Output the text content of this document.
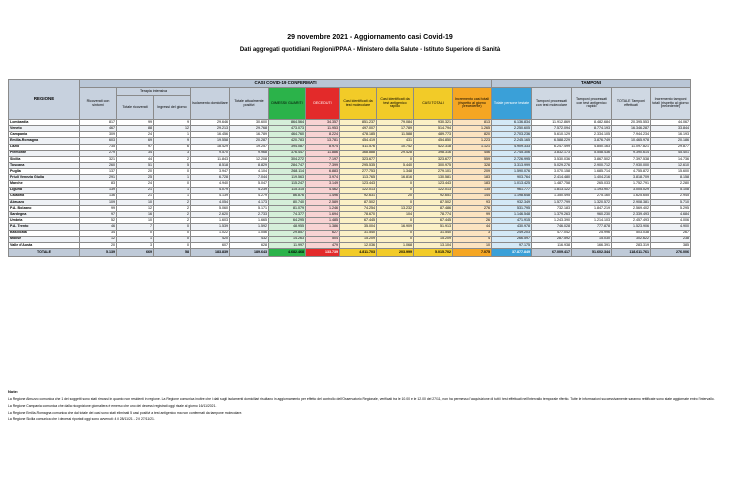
29 novembre 2021 - Aggiornamento casi Covid-19
Dati aggregati quotidiani Regioni/PPAA - Ministero della Salute - Istituto Superiore di Sanità
REGIONE	CASI COVID-19 CONFERMATI											TAMPONI				
	Ricoverati con sintomi	Terapia intensiva		Isolamento domiciliare	Totale attualmente positivi	DIMESSI/ GUARITI	DECEDUTI	Casi identificati da test molecolare	Casi identificati da test antigenico rapido	CASI TOTALI	Incremento casi totali (rispetto al giorno precedente)	Totale persone testate	Tamponi processati con test molecolare	Tamponi processati con test antigenico rapido	TOTALE Tamponi effettuati	Incremento tamponi totali (rispetto al giorno precedente)
		Totale ricoverati	Ingressi del giorno													
Lombardia	817	99	9	29.646	30.600	864.564	34.357	851.237	79.084	930.321	813	6.136.834	11.912.869	8.482.684	20.395.553	44.067
Veneto	467	88	12	29.213	29.768	473.073	11.953	497.007	17.789	514.794	1.265	2.250.605	7.572.094	8.774.193	16.346.287	33.844
Campania	309	24	1	16.456	16.789	464.760	8.224	478.185	11.588	489.773	820	2.703.236	5.610.129	2.334.105	7.944.234	16.193
Emilia-Romagna	603	69	9	19.558	20.287	420.783	13.781	454.419	431	454.850	1.223	2.245.165	6.588.229	3.876.749	10.465.978	20.186
Lazio	735	97	6	18.429	19.257	394.087	8.974	411.576	10.742	422.318	1.121	4.909.333	6.247.499	4.850.163	11.097.821	29.877
Piemonte	279	34	3	9.570	9.968	376.447	11.886	368.888	29.428	398.316	456	2.745.306	3.832.173	5.558.436	9.390.614	45.401
Sicilia	321	44	2	11.843	12.208	304.272	7.197	323.677	0	323.677	559	2.726.995	3.530.036	3.867.502	7.397.538	14.736
Toscana	260	51	5	8.518	8.829	284.747	7.399	295.535	5.440	300.975	328	3.313.999	5.029.276	2.900.712	7.930.000	12.610
Puglia	137	20	0	3.947	4.104	268.114	6.883	277.753	1.348	279.101	209	1.590.076	3.070.158	1.685.714	4.755.872	15.600
Friuli Venezia Giulia	291	25	1	6.728	7.044	119.563	3.974	113.765	16.816	130.581	183	903.764	2.414.480	1.404.216	3.818.709	8.158
Marche	83	24	0	4.940	5.047	115.247	3.149	123.443	0	123.443	183	1.013.425	1.487.758	265.033	1.752.791	2.280
Liguria	139	21	1	4.079	4.239	115.315	4.462	122.013	0	122.013	135	961.777	1.813.122	1.193.907	3.005.029	5.108
Calabria	136	21	1	4.139	4.279	86.876	1.496	92.631	20	92.651	144	1.198.648	1.350.495	275.160	1.625.655	2.945
Abruzzo	109	10	2	4.054	4.173	80.740	2.589	87.502	0	87.502	93	932.349	1.577.799	1.320.572	2.908.381	5.710
P.A. Bolzano	99	12	2	5.060	5.171	81.079	1.246	74.254	13.232	87.486	276	531.795	732.183	1.847.219	2.569.402	5.295
Sardegna	97	16	2	2.620	2.733	74.377	1.694	78.670	104	78.774	99	1.146.548	1.379.263	960.230	2.339.493	4.684
Umbria	52	10	2	1.603	1.665	64.295	1.485	67.445	0	67.445	26	471.915	1.243.390	1.214.103	2.457.493	4.006
P.A. Trento	46	7	0	1.539	1.592	48.955	1.386	35.004	16.909	51.913	44	430.978	746.028	777.878	1.523.906	4.900
Basilicata	34	0	0	1.022	1.056	29.857	627	31.540	0	31.540	3	249.203	477.042	25.996	503.038	267
Molise	12	1	0	420	432	14.263	504	15.209	0	15.209	4	266.597	287.592	15.030	302.622	238
Valle d'Aosta	20	3	0	607	628	11.997	479	12.036	1.068	13.104	10	97.175	116.938	166.391	283.319	385
TOTALE	5.139	669	58	183.839	189.643	4.682.468	133.739	4.811.703	203.999	5.015.702	7.075	37.877.849	67.009.417	51.602.344	118.611.761	276.006
Note:

La Regione Abruzzo comunica che 1 dei soggetti sono stati rimossi in quanto non residenti in regione. La Regione comunica inoltre che i dati sugli isolamenti domiciliari risultano in aggiornamento per effetto del controllo dell'Osservatorio Regionale, verificati tra le 10.00 e le 12.00 del 27/11, non ha permesso l'acquisizione di tutti i test effettuati nell'intervallo temporale riferito. Tutte le informazioni successivamente saranno rettificate sono state aggiornate entro l'intervallo.

La Regione Campania comunica che dalla ricognizione giornaliera è emerso che uno dei decessi registrati oggi risale al giorno 16/11/2021.

La Regione Emilia-Romagna comunica che dal totale dei casi sono stati eliminati 5 casi positivi a test antigenico ma non confermati da tampone molecolare.

La Regione Sicilia comunica che i decessi riportati oggi sono avvenuti: 4 il 28/11/21 - 2 il 27/11/21.
